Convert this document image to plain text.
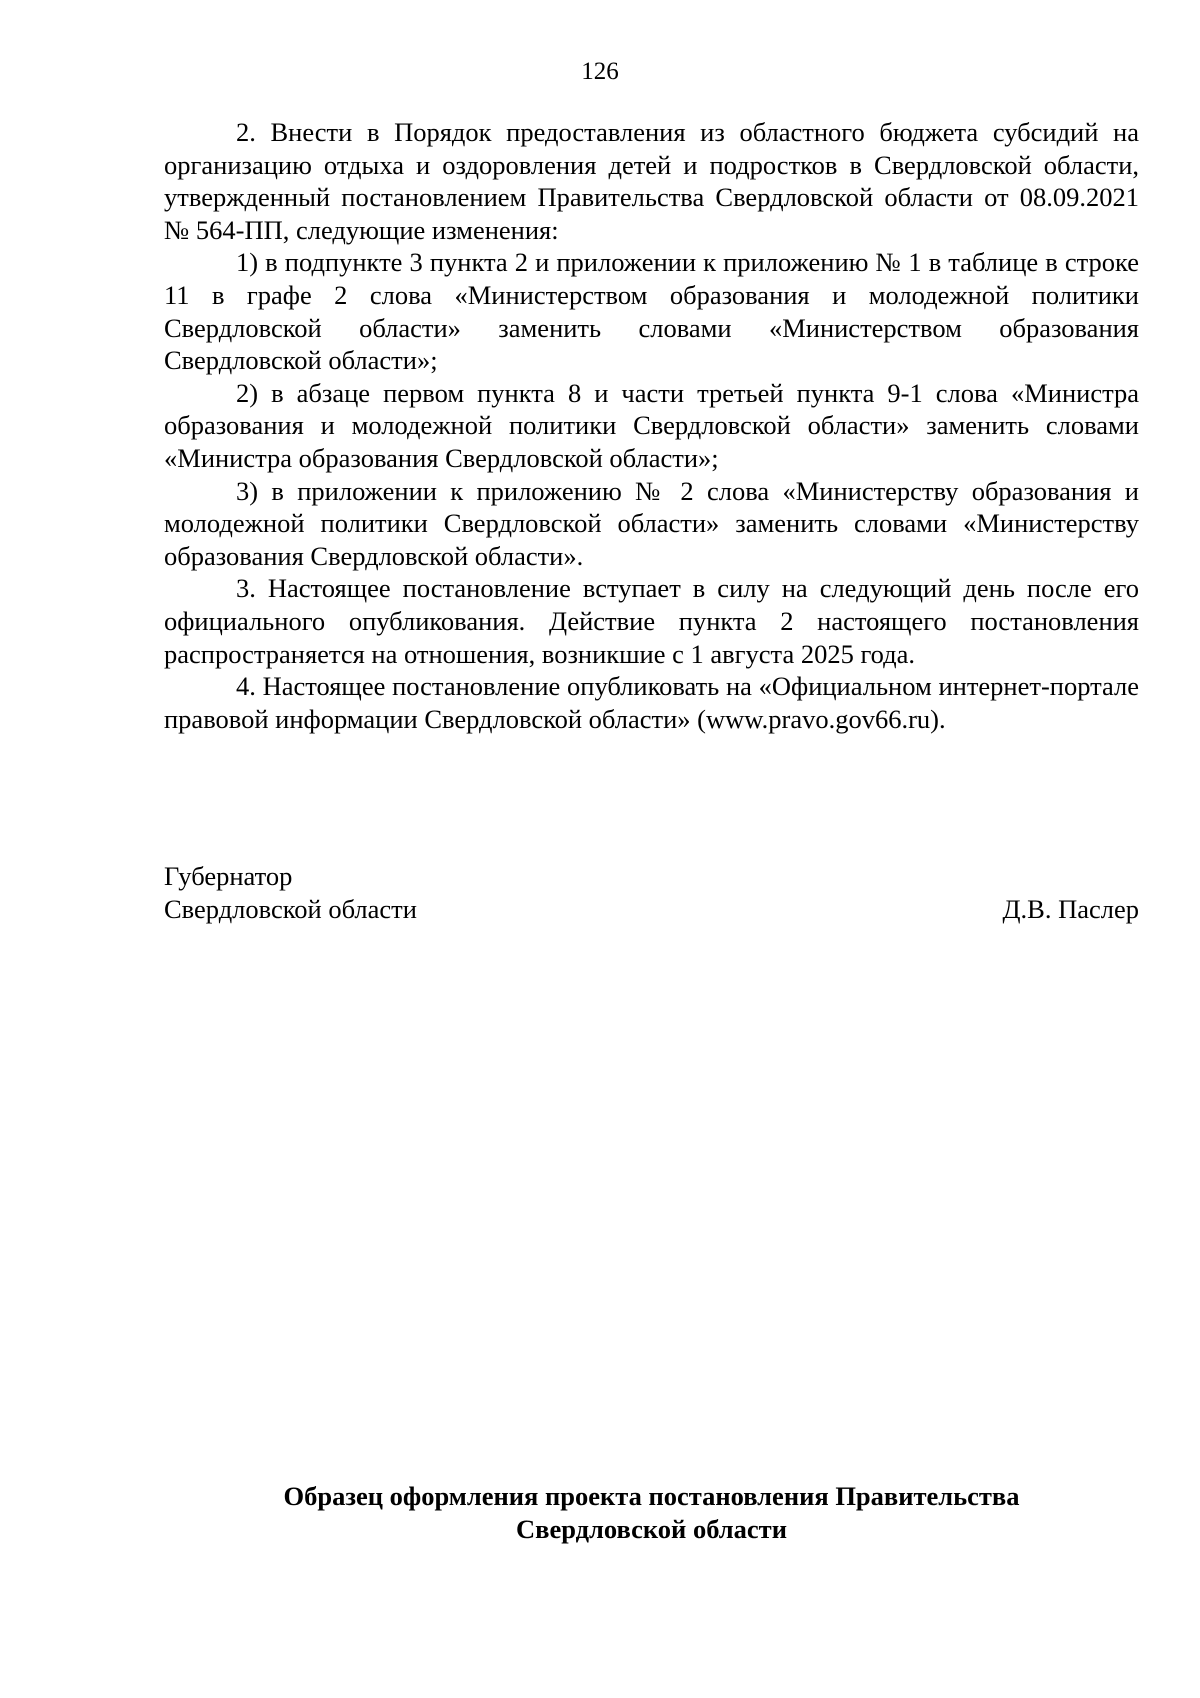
126

2. Внести в Порядок предоставления из областного бюджета субсидий на организацию отдыха и оздоровления детей и подростков в Свердловской области, утвержденный постановлением Правительства Свердловской области от 08.09.2021 № 564-ПП, следующие изменения:

1) в подпункте 3 пункта 2 и приложении к приложению № 1 в таблице в строке 11 в графе 2 слова «Министерством образования и молодежной политики Свердловской области» заменить словами «Министерством образования Свердловской области»;

2) в абзаце первом пункта 8 и части третьей пункта 9-1 слова «Министра образования и молодежной политики Свердловской области» заменить словами «Министра образования Свердловской области»;

3) в приложении к приложению № 2 слова «Министерству образования и молодежной политики Свердловской области» заменить словами «Министерству образования Свердловской области».

3. Настоящее постановление вступает в силу на следующий день после его официального опубликования. Действие пункта 2 настоящего постановления распространяется на отношения, возникшие с 1 августа 2025 года.

4. Настоящее постановление опубликовать на «Официальном интернет-портале правовой информации Свердловской области» (www.pravo.gov66.ru).

Губернатор
Свердловской области	Д.В. Паслер
Образец оформления проекта постановления Правительства
Свердловской области
